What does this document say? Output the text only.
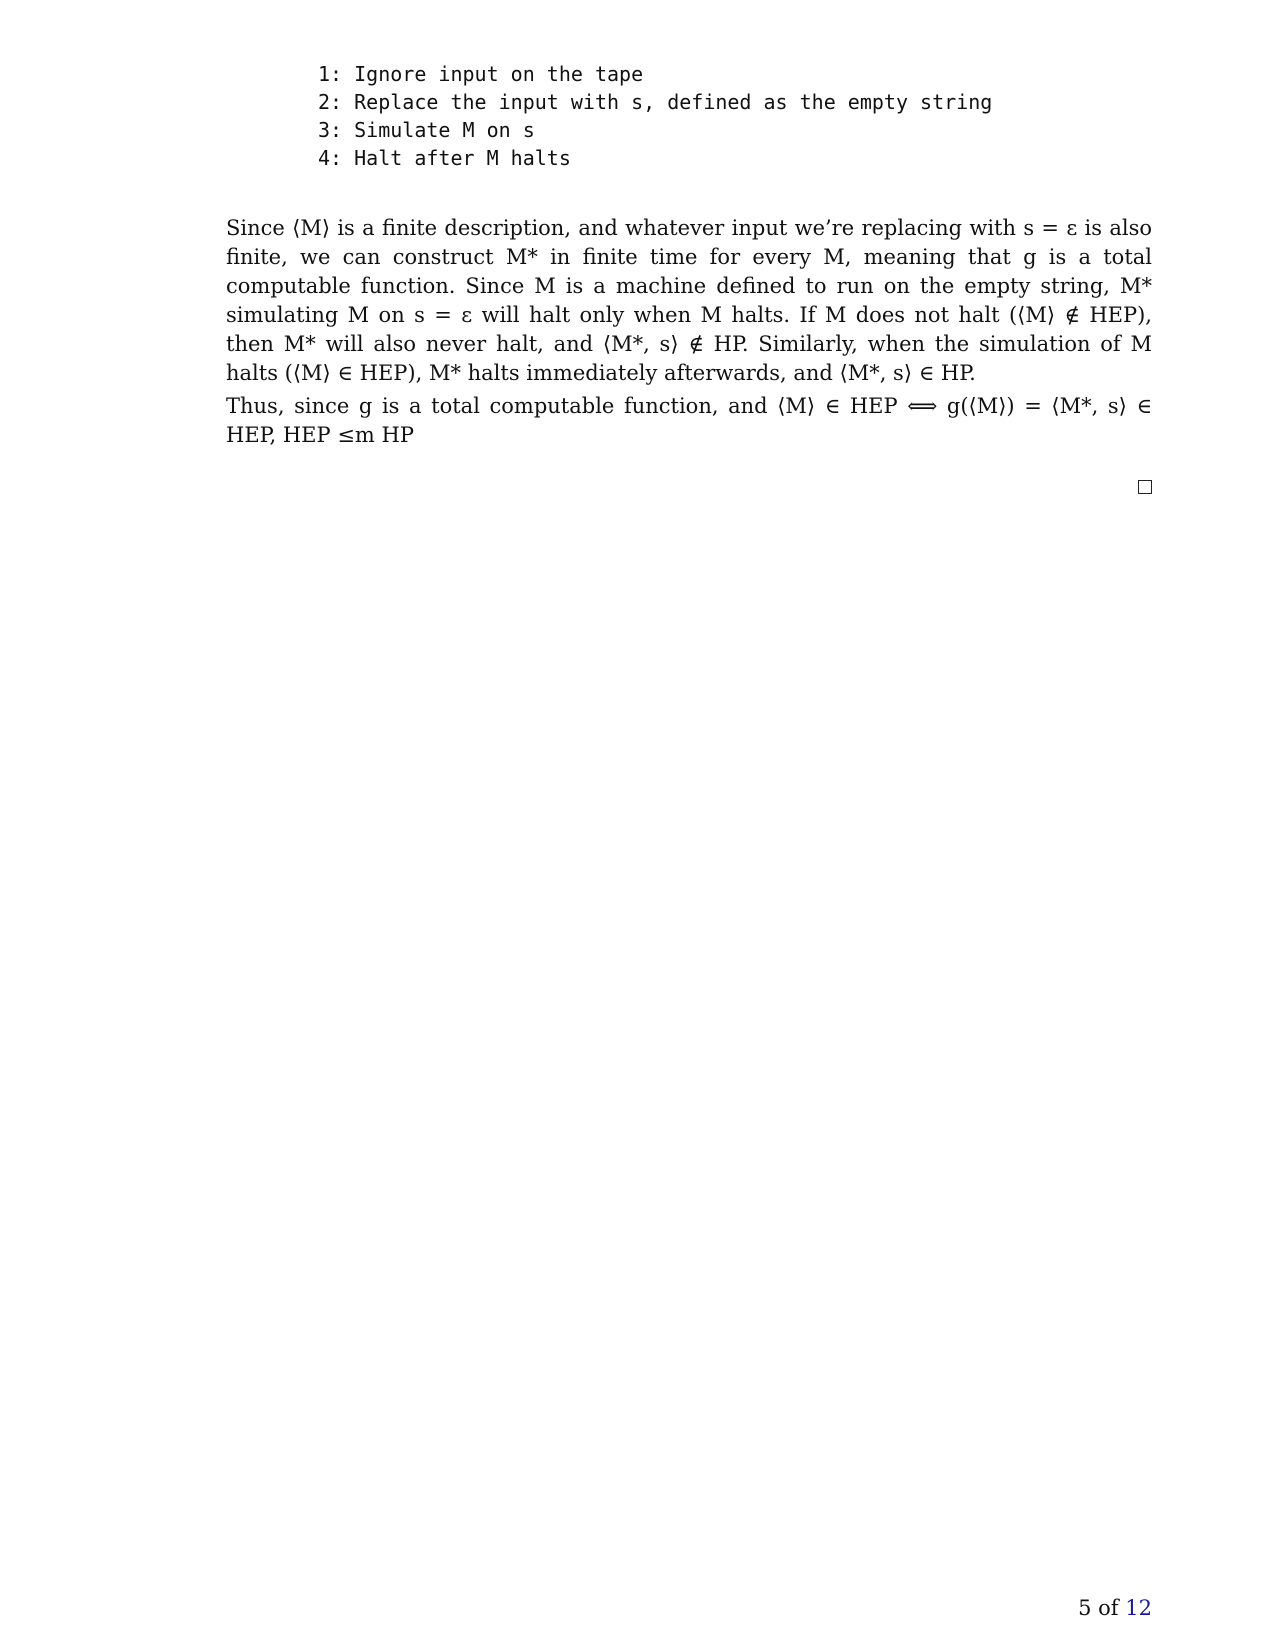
1: Ignore input on the tape
2: Replace the input with s, defined as the empty string
3: Simulate M on s
4: Halt after M halts

Since ⟨M⟩ is a finite description, and whatever input we’re replacing with s = ε is also finite, we can construct M* in finite time for every M, meaning that g is a total computable function. Since M is a machine defined to run on the empty string, M* simulating M on s = ε will halt only when M halts. If M does not halt (⟨M⟩ ∉ HEP), then M* will also never halt, and ⟨M*, s⟩ ∉ HP. Similarly, when the simulation of M halts (⟨M⟩ ∈ HEP), M* halts immediately afterwards, and ⟨M*, s⟩ ∈ HP.

Thus, since g is a total computable function, and ⟨M⟩ ∈ HEP ⟺ g(⟨M⟩) = ⟨M*, s⟩ ∈ HEP, HEP ≤m HP

5 of 12
